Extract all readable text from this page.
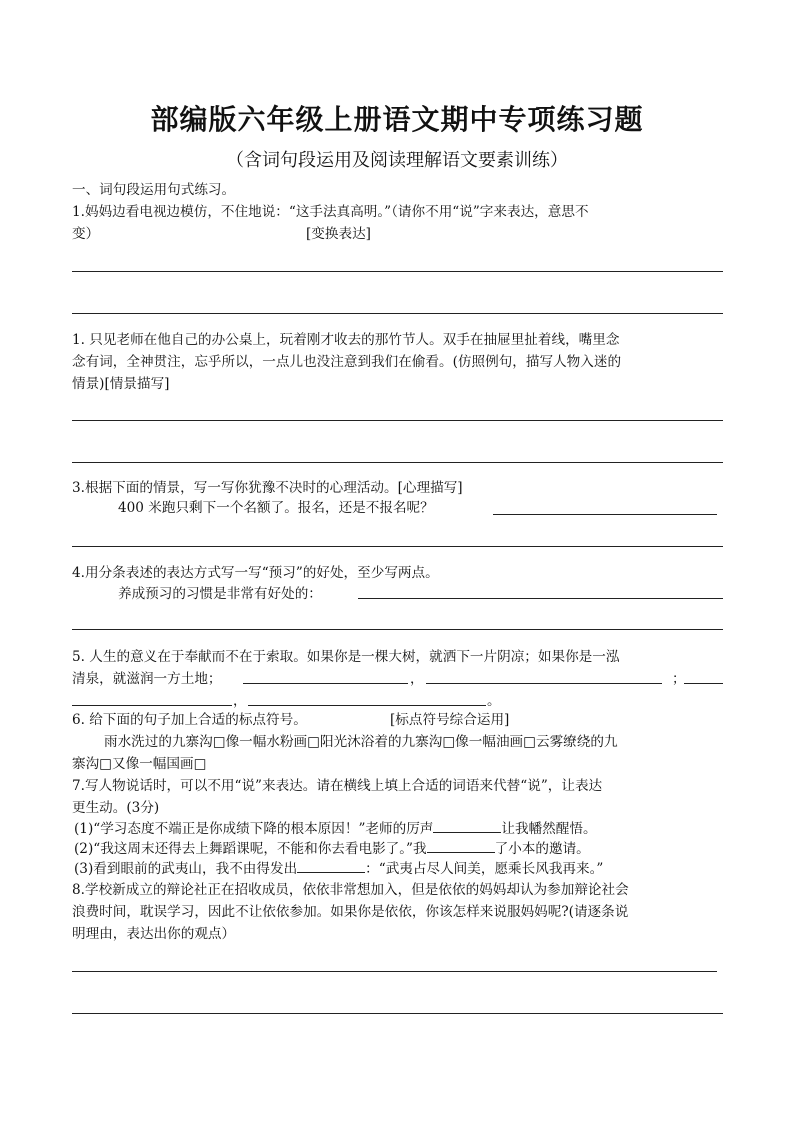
部编版六年级上册语文期中专项练习题
（含词句段运用及阅读理解语文要素训练）
一、词句段运用句式练习。
1.妈妈边看电视边模仿，不住地说：“这手法真高明。”（请你不用“说”字来表达，意思不
变）	[变换表达]
1. 只见老师在他自己的办公桌上，玩着刚才收去的那竹节人。双手在抽屉里扯着线，嘴里念
念有词，全神贯注，忘乎所以，一点儿也没注意到我们在偷看。(仿照例句，描写人物入迷的
情景)[情景描写]
3.根据下面的情景，写一写你犹豫不决时的心理活动。[心理描写]
400 米跑只剩下一个名额了。报名，还是不报名呢？
4.用分条表述的表达方式写一写“预习”的好处，至少写两点。
养成预习的习惯是非常有好处的：
5. 人生的意义在于奉献而不在于索取。如果你是一棵大树，就洒下一片阴凉；如果你是一泓
清泉，就滋润一方土地；	，	；
，	。
6. 给下面的句子加上合适的标点符号。	[标点符号综合运用]
雨水洗过的九寨沟□像一幅水粉画□阳光沐浴着的九寨沟□像一幅油画□云雾缭绕的九
寨沟□又像一幅国画□
7.写人物说话时，可以不用“说”来表达。请在横线上填上合适的词语来代替“说”，让表达
更生动。(3分)
(1)“学习态度不端正是你成绩下降的根本原因！”老师的厉声	让我幡然醒悟。
(2)“我这周末还得去上舞蹈课呢，不能和你去看电影了。”我	了小本的邀请。
(3)看到眼前的武夷山，我不由得发出	：“武夷占尽人间美，愿乘长风我再来。”
8.学校新成立的辩论社正在招收成员，依依非常想加入，但是依依的妈妈却认为参加辩论社会
浪费时间，耽误学习，因此不让依依参加。如果你是依依，你该怎样来说服妈妈呢?(请逐条说
明理由，表达出你的观点）
